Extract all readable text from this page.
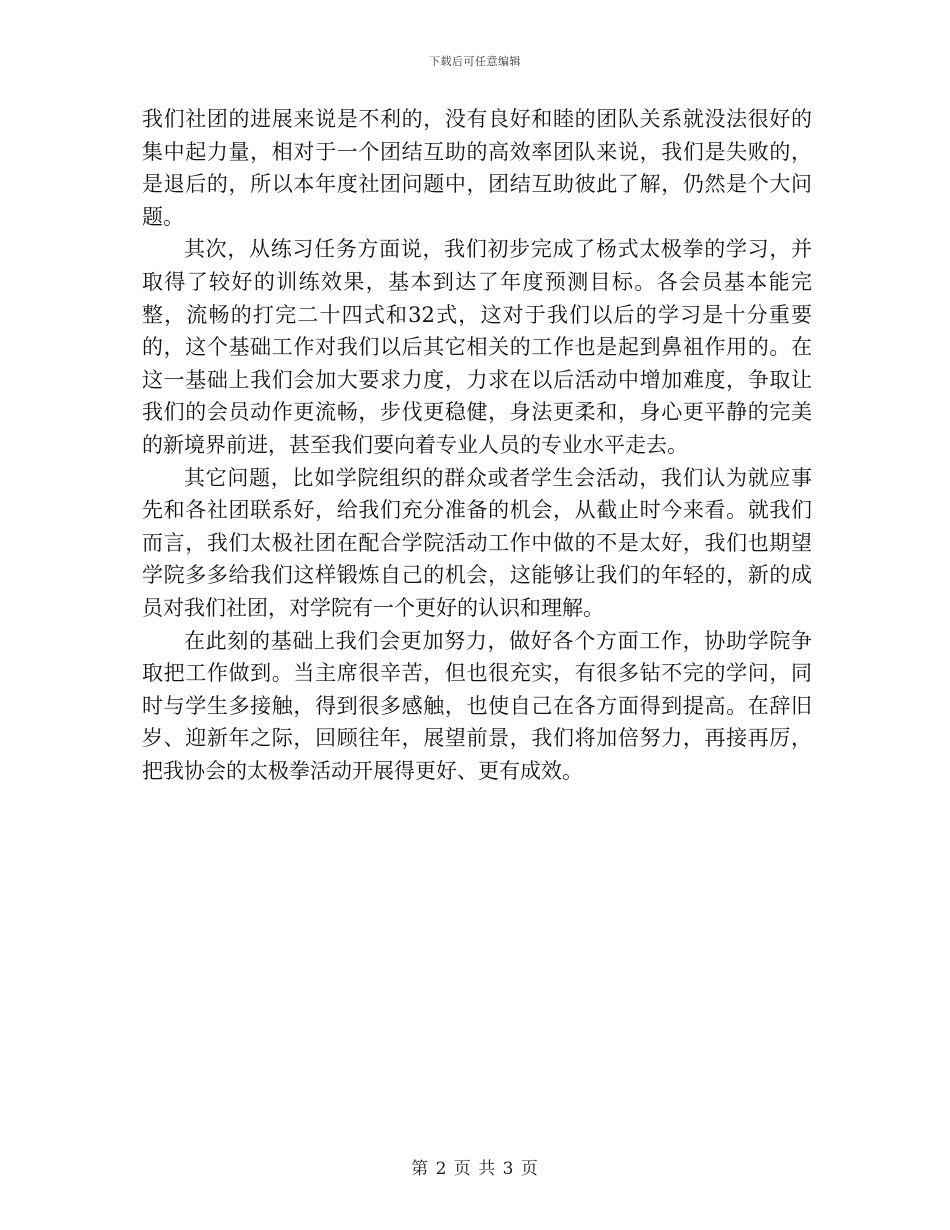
下载后可任意编辑

我们社团的进展来说是不利的，没有良好和睦的团队关系就没法很好的集中起力量，相对于一个团结互助的高效率团队来说，我们是失败的，是退后的，所以本年度社团问题中，团结互助彼此了解，仍然是个大问题。

其次，从练习任务方面说，我们初步完成了杨式太极拳的学习，并取得了较好的训练效果，基本到达了年度预测目标。各会员基本能完整，流畅的打完二十四式和32式，这对于我们以后的学习是十分重要的，这个基础工作对我们以后其它相关的工作也是起到鼻祖作用的。在这一基础上我们会加大要求力度，力求在以后活动中增加难度，争取让我们的会员动作更流畅，步伐更稳健，身法更柔和，身心更平静的完美的新境界前进，甚至我们要向着专业人员的专业水平走去。

其它问题，比如学院组织的群众或者学生会活动，我们认为就应事先和各社团联系好，给我们充分准备的机会，从截止时今来看。就我们而言，我们太极社团在配合学院活动工作中做的不是太好，我们也期望学院多多给我们这样锻炼自己的机会，这能够让我们的年轻的，新的成员对我们社团，对学院有一个更好的认识和理解。

在此刻的基础上我们会更加努力，做好各个方面工作，协助学院争取把工作做到。当主席很辛苦，但也很充实，有很多钻不完的学问，同时与学生多接触，得到很多感触，也使自己在各方面得到提高。在辞旧岁、迎新年之际，回顾往年，展望前景，我们将加倍努力，再接再厉，把我协会的太极拳活动开展得更好、更有成效。

第 2 页 共 3 页
